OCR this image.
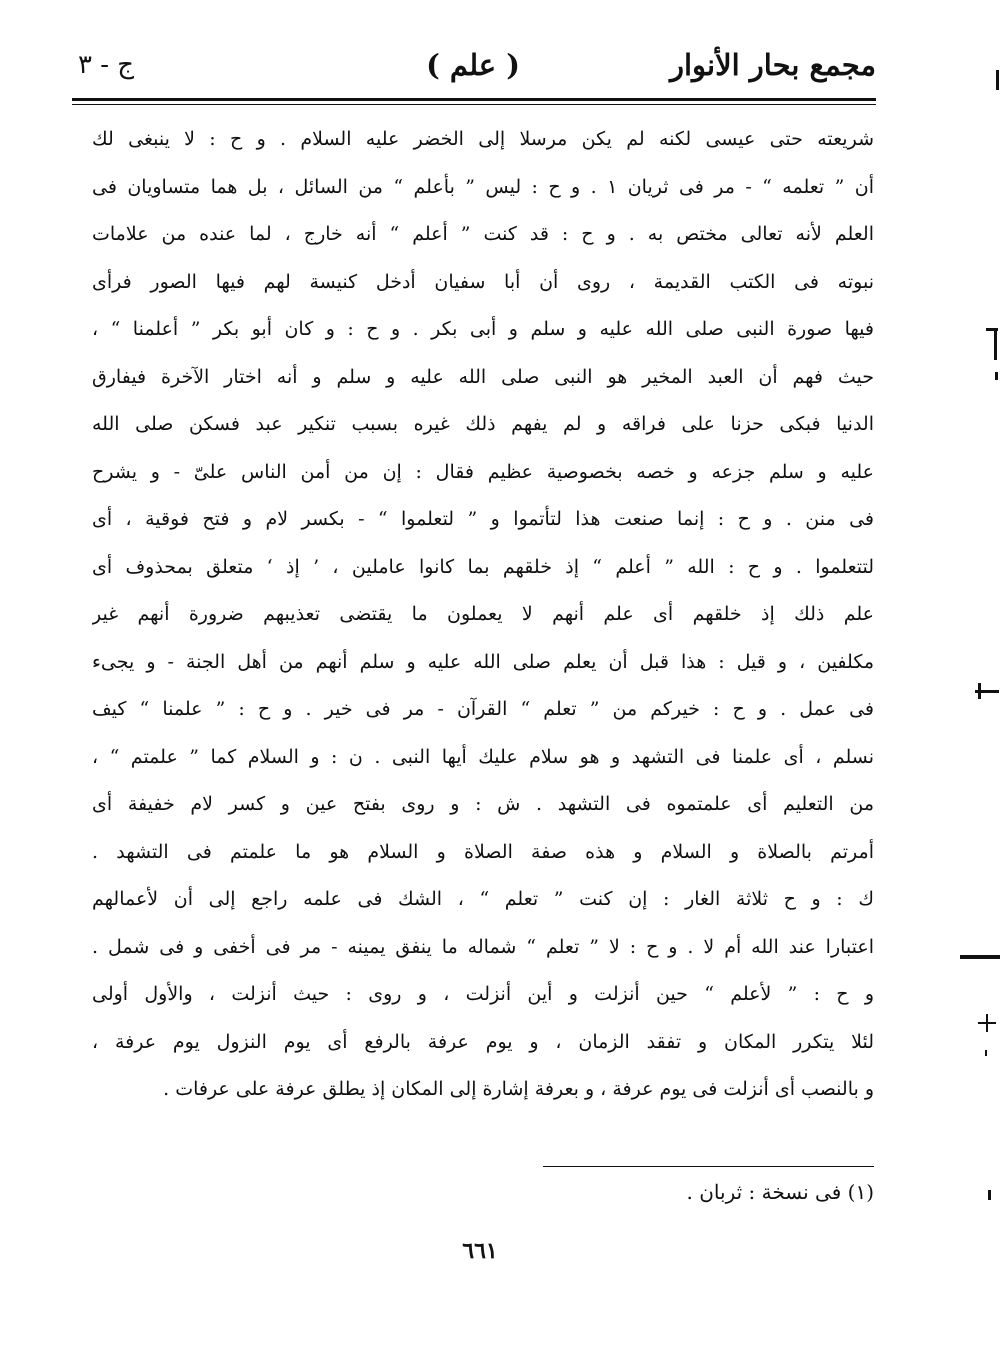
مجمع بحار الأنوار
( علم )
ج - ٣
شريعته حتى عيسى لكنه لم يكن مرسلا إلى الخضر عليه السلام . و ح : لا ينبغى لك
أن ” تعلمه “ - مر فى ثريان ١ . و ح : ليس ” بأعلم “ من السائل ، بل هما متساويان فى
العلم لأنه تعالى مختص به . و ح : قد كنت ” أعلم “ أنه خارج ، لما عنده من علامات
نبوته فى الكتب القديمة ، روى أن أبا سفيان أدخل كنيسة لهم فيها الصور فرأى
فيها صورة النبى صلى الله عليه و سلم و أبى بكر . و ح : و كان أبو بكر ” أعلمنا “ ،
حيث فهم أن العبد المخير هو النبى صلى الله عليه و سلم و أنه اختار الآخرة فيفارق
الدنيا فبكى حزنا على فراقه و لم يفهم ذلك غيره بسبب تنكير عبد فسكن صلى الله
عليه و سلم جزعه و خصه بخصوصية عظيم فقال : إن من أمن الناس علىّ - و يشرح
فى منن . و ح : إنما صنعت هذا لتأتموا و ” لتعلموا “ - بكسر لام و فتح فوقية ، أى
لتتعلموا . و ح : الله ” أعلم “ إذ خلقهم بما كانوا عاملين ، ’ إذ ‘ متعلق بمحذوف أى
علم ذلك إذ خلقهم أى علم أنهم لا يعملون ما يقتضى تعذيبهم ضرورة أنهم غير
مكلفين ، و قيل : هذا قبل أن يعلم صلى الله عليه و سلم أنهم من أهل الجنة - و يجىء
فى عمل . و ح : خيركم من ” تعلم “ القرآن - مر فى خير . و ح : ” علمنا “ كيف
نسلم ، أى علمنا فى التشهد و هو سلام عليك أيها النبى . ن : و السلام كما ” علمتم “ ،
من التعليم أى علمتموه فى التشهد . ش : و روى بفتح عين و كسر لام خفيفة أى
أمرتم بالصلاة و السلام و هذه صفة الصلاة و السلام هو ما علمتم فى التشهد .
ك : و ح ثلاثة الغار : إن كنت ” تعلم “ ، الشك فى علمه راجع إلى أن لأعمالهم
اعتبارا عند الله أم لا . و ح : لا ” تعلم “ شماله ما ينفق يمينه - مر فى أخفى و فى شمل .
و ح : ” لأعلم “ حين أنزلت و أين أنزلت ، و روى : حيث أنزلت ، والأول أولى
لئلا يتكرر المكان و تفقد الزمان ، و يوم عرفة بالرفع أى يوم النزول يوم عرفة ،
و بالنصب أى أنزلت فى يوم عرفة ، و بعرفة إشارة إلى المكان إذ يطلق عرفة على عرفات .
(١) فى نسخة : ثربان .
٦٦١
